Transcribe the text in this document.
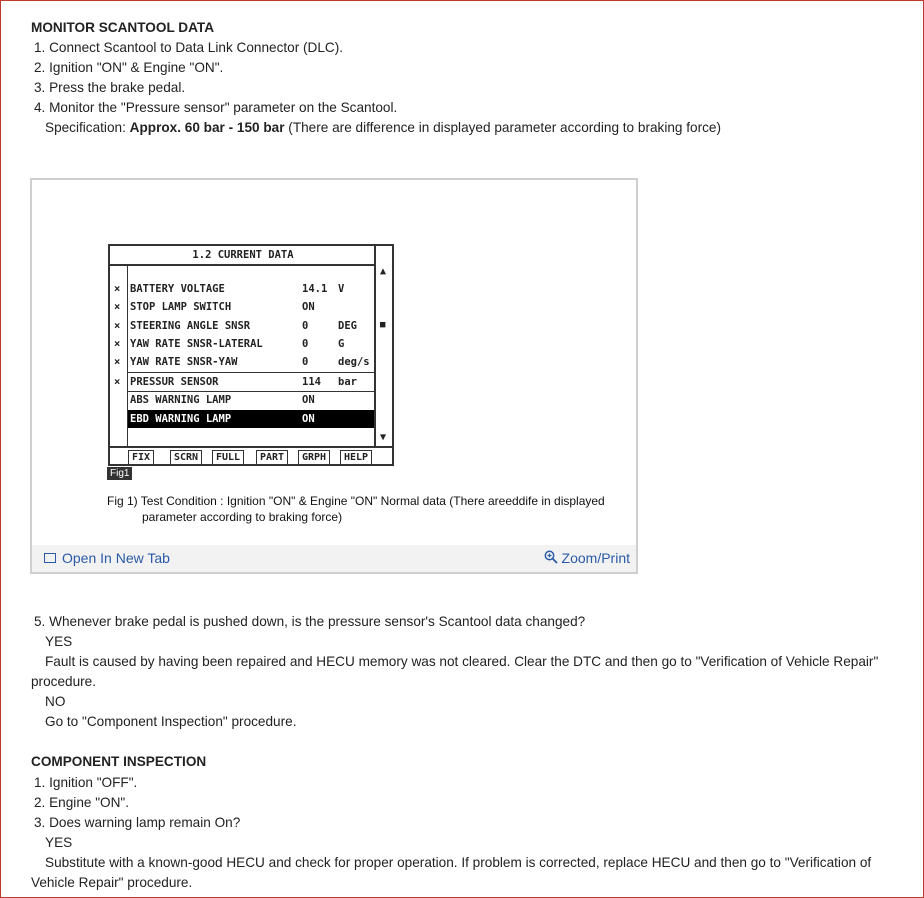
MONITOR SCANTOOL DATA
1. Connect Scantool to Data Link Connector (DLC).
2. Ignition "ON" & Engine "ON".
3. Press the brake pedal.
4. Monitor the "Pressure sensor" parameter on the Scantool.
Specification: Approx. 60 bar - 150 bar (There are difference in displayed parameter according to braking force)
1.2 CURRENT DATA
▲
■
▼
× BATTERY VOLTAGE	14.1 V
× STOP LAMP SWITCH	ON
× STEERING ANGLE SNSR	0	DEG
× YAW RATE SNSR-LATERAL	0	G
× YAW RATE SNSR-YAW	0	deg/s
× PRESSUR SENSOR	114 bar
ABS WARNING LAMP	ON
EBD WARNING LAMP	ON
FIX	SCRN	FULL	PART	GRPH	HELP
Fig1
Fig 1) Test Condition : Ignition "ON" & Engine "ON" Normal data (There areeddife in displayed
parameter according to braking force)
Open In New Tab	Zoom/Print
5. Whenever brake pedal is pushed down, is the pressure sensor's Scantool data changed?
YES
Fault is caused by having been repaired and HECU memory was not cleared. Clear the DTC and then go to "Verification of Vehicle Repair"
procedure.
NO
Go to "Component Inspection" procedure.
COMPONENT INSPECTION
1. Ignition "OFF".
2. Engine "ON".
3. Does warning lamp remain On?
YES
Substitute with a known-good HECU and check for proper operation. If problem is corrected, replace HECU and then go to "Verification of
Vehicle Repair" procedure.
